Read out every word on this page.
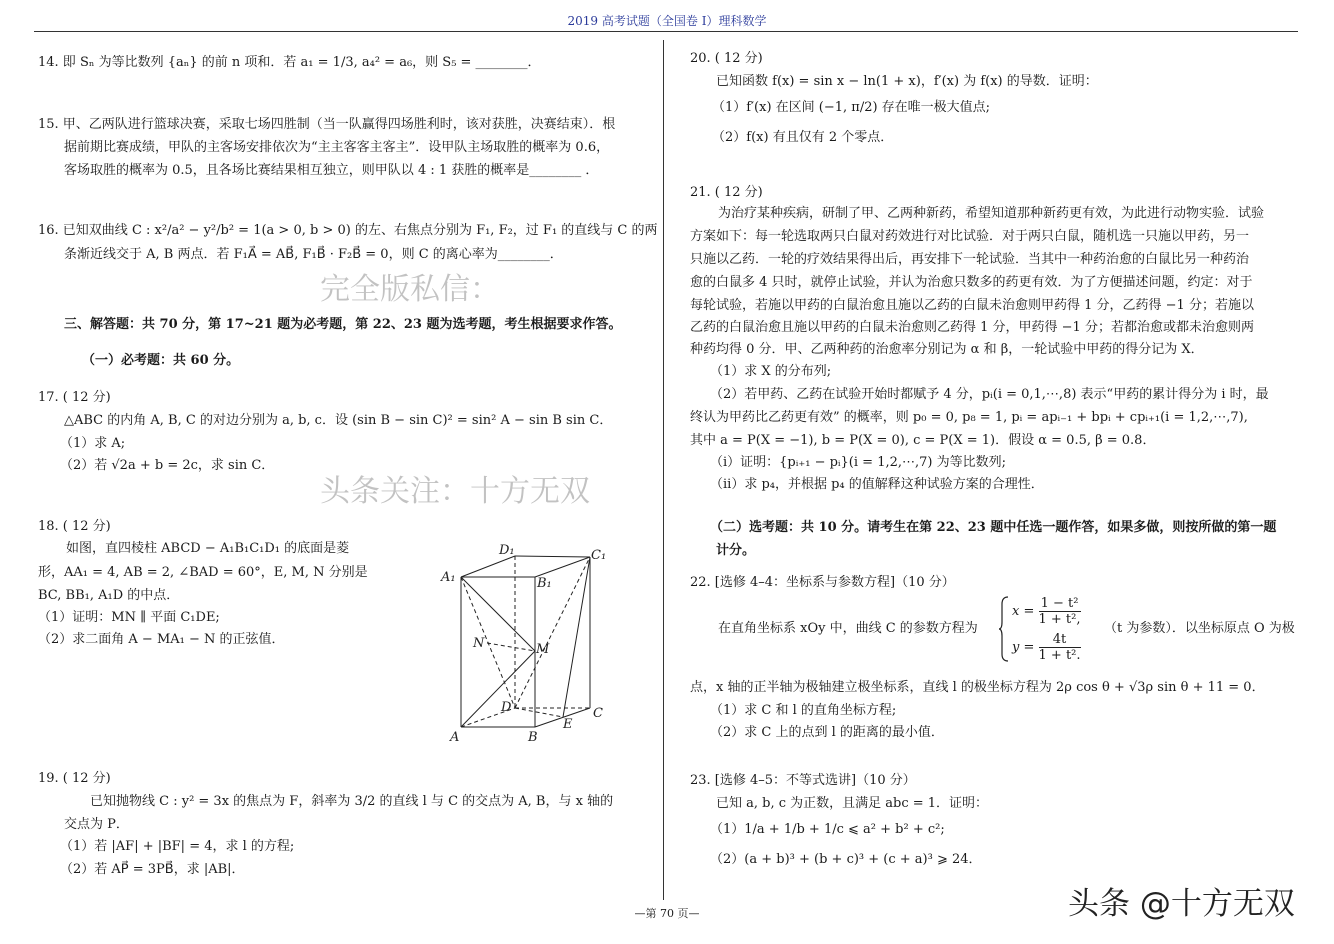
2019 高考试题（全国卷 I）理科数学
14. 即 Sₙ 为等比数列 {aₙ} 的前 n 项和．若 a₁ = 1/3, a₄² = a₆，则 S₅ = ________．
15. 甲、乙两队进行篮球决赛，采取七场四胜制（当一队赢得四场胜利时，该对获胜，决赛结束）．根
据前期比赛成绩，甲队的主客场安排依次为“主主客客主客主”．设甲队主场取胜的概率为 0.6，
客场取胜的概率为 0.5，且各场比赛结果相互独立，则甲队以 4 : 1 获胜的概率是________ ．
16. 已知双曲线 C : x²/a² − y²/b² = 1(a > 0, b > 0) 的左、右焦点分别为 F₁, F₂，过 F₁ 的直线与 C 的两
条渐近线交于 A, B 两点．若 F₁A⃗ = AB⃗, F₁B⃗ · F₂B⃗ = 0，则 C 的离心率为________．
三、解答题：共 70 分，第 17~21 题为必考题，第 22、23 题为选考题，考生根据要求作答。
（一）必考题：共 60 分。
17. ( 12 分)
△ABC 的内角 A, B, C 的对边分别为 a, b, c．设 (sin B − sin C)² = sin² A − sin B sin C．
（1）求 A;
（2）若 √2a + b = 2c，求 sin C．
18. ( 12 分)
如图，直四棱柱 ABCD − A₁B₁C₁D₁ 的底面是菱
形，AA₁ = 4, AB = 2, ∠BAD = 60°，E, M, N 分别是
BC, BB₁, A₁D 的中点．
（1）证明：MN ∥ 平面 C₁DE;
（2）求二面角 A − MA₁ − N 的正弦值．
A₁	B₁
C₁
D₁
A	B
C
D
E
M
N
19. ( 12 分)
已知抛物线 C : y² = 3x 的焦点为 F，斜率为 3/2 的直线 l 与 C 的交点为 A, B，与 x 轴的
交点为 P．
（1）若 |AF| + |BF| = 4，求 l 的方程;
（2）若 AP⃗ = 3PB⃗，求 |AB|．
20. ( 12 分)
已知函数 f(x) = sin x − ln(1 + x)，f′(x) 为 f(x) 的导数．证明：
（1）f′(x) 在区间 (−1, π/2) 存在唯一极大值点;
（2）f(x) 有且仅有 2 个零点．
21. ( 12 分)
为治疗某种疾病，研制了甲、乙两种新药，希望知道那种新药更有效，为此进行动物实验．试验
方案如下：每一轮选取两只白鼠对药效进行对比试验．对于两只白鼠，随机选一只施以甲药，另一
只施以乙药．一轮的疗效结果得出后，再安排下一轮试验．当其中一种药治愈的白鼠比另一种药治
愈的白鼠多 4 只时，就停止试验，并认为治愈只数多的药更有效．为了方便描述问题，约定：对于
每轮试验，若施以甲药的白鼠治愈且施以乙药的白鼠未治愈则甲药得 1 分，乙药得 −1 分；若施以
乙药的白鼠治愈且施以甲药的白鼠未治愈则乙药得 1 分，甲药得 −1 分；若都治愈或都未治愈则两
种药均得 0 分．甲、乙两种药的治愈率分别记为 α 和 β，一轮试验中甲药的得分记为 X．
（1）求 X 的分布列;
（2）若甲药、乙药在试验开始时都赋予 4 分，pᵢ(i = 0,1,⋯,8) 表示“甲药的累计得分为 i 时，最
终认为甲药比乙药更有效” 的概率，则 p₀ = 0, p₈ = 1, pᵢ = apᵢ₋₁ + bpᵢ + cpᵢ₊₁(i = 1,2,⋯,7),
其中 a = P(X = −1), b = P(X = 0), c = P(X = 1)．假设 α = 0.5, β = 0.8．
（i）证明：{pᵢ₊₁ − pᵢ}(i = 1,2,⋯,7) 为等比数列;
（ii）求 p₄，并根据 p₄ 的值解释这种试验方案的合理性．
（二）选考题：共 10 分。请考生在第 22、23 题中任选一题作答，如果多做，则按所做的第一题
计分。
22. [选修 4–4：坐标系与参数方程]（10 分）
在直角坐标系 xOy 中，曲线 C 的参数方程为
$x = \frac{\text{1 − t²}}{\text{1 + t²,}}$
$y = \frac{4t}{\text{1 + t².}}$
（t 为参数）．以坐标原点 O 为极
点，x 轴的正半轴为极轴建立极坐标系，直线 l 的极坐标方程为 2ρ cos θ + √3ρ sin θ + 11 = 0．
（1）求 C 和 l 的直角坐标方程;
（2）求 C 上的点到 l 的距离的最小值．
23. [选修 4–5：不等式选讲]（10 分）
已知 a, b, c 为正数，且满足 abc = 1．证明：
（1）1/a + 1/b + 1/c ⩽ a² + b² + c²;
（2）(a + b)³ + (b + c)³ + (c + a)³ ⩾ 24．
头条关注：十方无双
完全版私信：
—第 70 页—	头条 @十方无双
